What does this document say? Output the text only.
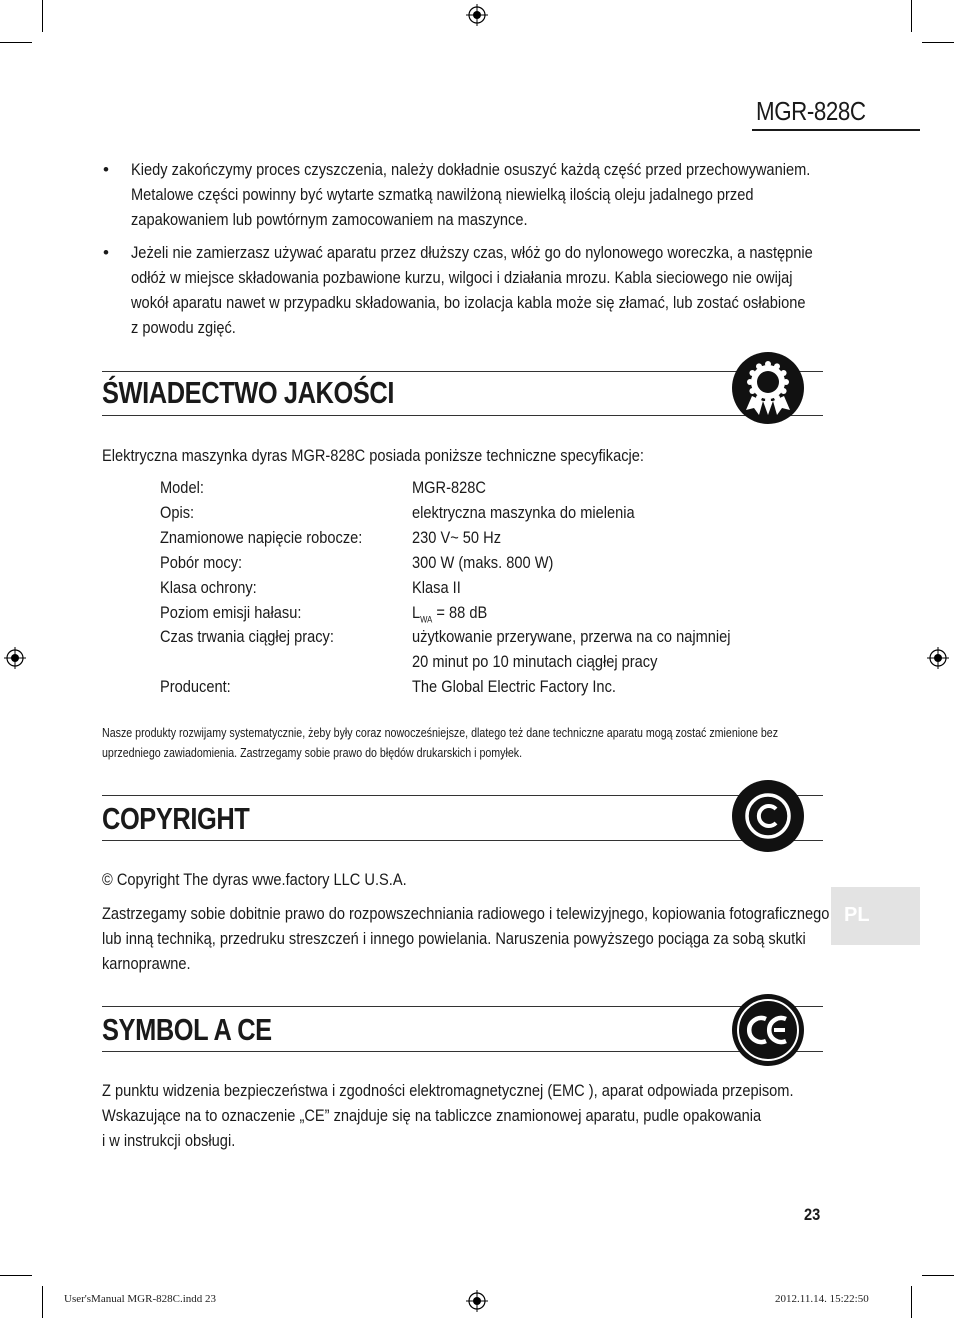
MGR-828C
• Kiedy zakończymy proces czyszczenia, należy dokładnie osuszyć każdą część przed przechowywaniem.
Metalowe części powinny być wytarte szmatką nawilżoną niewielką ilością oleju jadalnego przed
zapakowaniem lub powtórnym zamocowaniem na maszynce.
• Jeżeli nie zamierzasz używać aparatu przez dłuższy czas, włóż go do nylonowego woreczka, a następnie
odłóż w miejsce składowania pozbawione kurzu, wilgoci i działania mrozu. Kabla sieciowego nie owijaj
wokół aparatu nawet w przypadku składowania, bo izolacja kabla może się złamać, lub zostać osłabione
z powodu zgięć.
ŚWIADECTWO JAKOŚCI
Elektryczna maszynka dyras MGR-828C posiada poniższe techniczne specyfikacje:
Model:	MGR-828C
Opis:	elektryczna maszynka do mielenia
Znamionowe napięcie robocze:	230 V~ 50 Hz
Pobór mocy:	300 W (maks. 800 W)
Klasa ochrony:	Klasa II
Poziom emisji hałasu:	$L_{WA} = 88$ dB
Czas trwania ciągłej pracy:	użytkowanie przerywane, przerwa na co najmniej
20 minut po 10 minutach ciągłej pracy
Producent:	The Global Electric Factory Inc.
Nasze produkty rozwijamy systematycznie, żeby były coraz nowocześniejsze, dlatego też dane techniczne aparatu mogą zostać zmienione bez
uprzedniego zawiadomienia. Zastrzegamy sobie prawo do błędów drukarskich i pomyłek.
COPYRIGHT
© Copyright The dyras wwe.factory LLC U.S.A.
Zastrzegamy sobie dobitnie prawo do rozpowszechniania radiowego i telewizyjnego, kopiowania fotograficznego
lub inną techniką, przedruku streszczeń i innego powielania. Naruszenia powyższego pociąga za sobą skutki
karnoprawne.
SYMBOL A CE
Z punktu widzenia bezpieczeństwa i zgodności elektromagnetycznej (EMC ), aparat odpowiada przepisom.
Wskazujące na to oznaczenie „CE” znajduje się na tabliczce znamionowej aparatu, pudle opakowania
i w instrukcji obsługi.
PL
23
User'sManual MGR-828C.indd 23	2012.11.14. 15:22:50
